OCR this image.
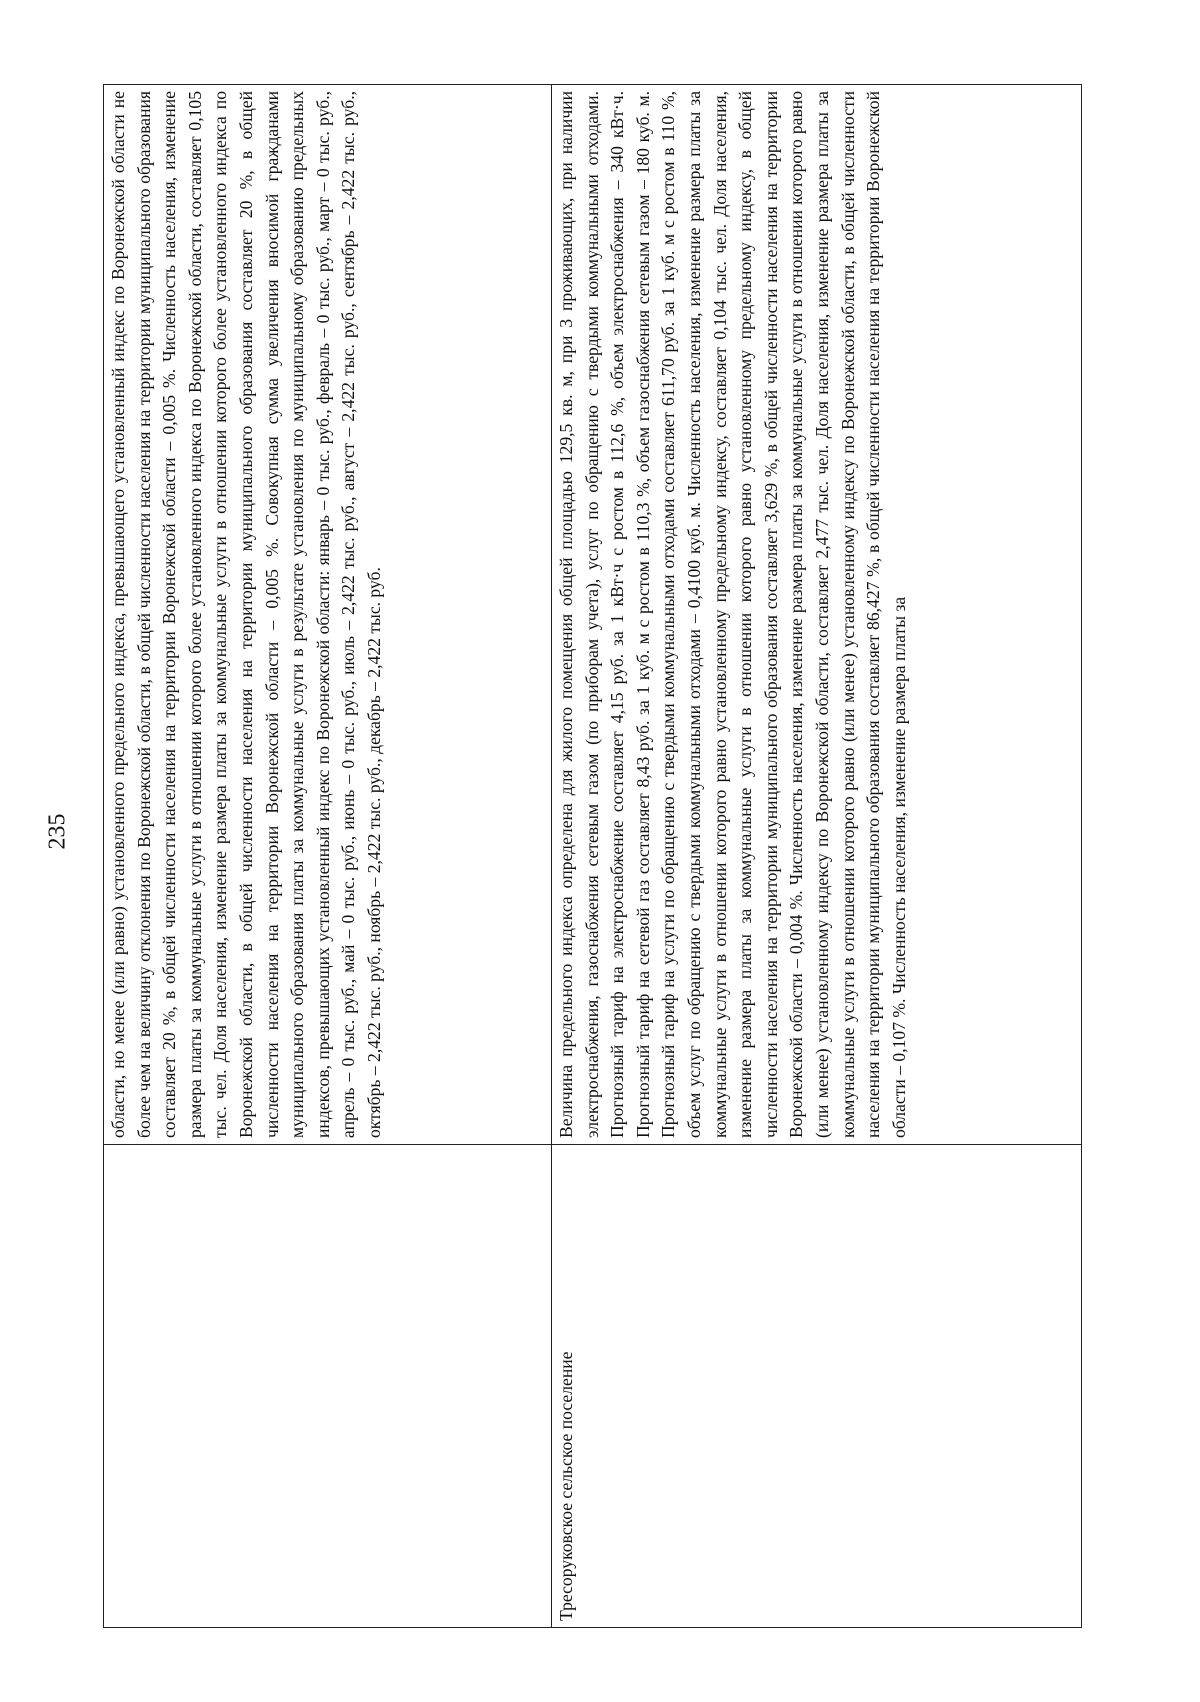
235

	области, но менее (или равно) установленного предельного индекса, превышающего установленный индекс по Воронежской области не более чем на величину отклонения по Воронежской области, в общей численности населения на территории муниципального образования составляет 20 %, в общей численности населения на территории Воронежской области – 0,005 %. Численность населения, изменение размера платы за коммунальные услуги в отношении которого более установленного индекса по Воронежской области, составляет 0,105 тыс. чел. Доля населения, изменение размера платы за коммунальные услуги в отношении которого более установленного индекса по Воронежской области, в общей численности населения на территории муниципального образования составляет 20 %, в общей численности населения на территории Воронежской области – 0,005 %. Совокупная сумма увеличения вносимой гражданами муниципального образования платы за коммунальные услуги в результате установления по муниципальному образованию предельных индексов, превышающих установленный индекс по Воронежской области: январь – 0 тыс. руб., февраль – 0 тыс. руб., март – 0 тыс. руб., апрель – 0 тыс. руб., май – 0 тыс. руб., июнь – 0 тыс. руб., июль – 2,422 тыс. руб., август – 2,422 тыс. руб., сентябрь – 2,422 тыс. руб., октябрь – 2,422 тыс. руб., ноябрь – 2,422 тыс. руб., декабрь – 2,422 тыс. руб.

Тресоруковское сельское поселение	Величина предельного индекса определена для жилого помещения общей площадью 129,5 кв. м, при 3 проживающих, при наличии электроснабжения, газоснабжения сетевым газом (по приборам учета), услуг по обращению с твердыми коммунальными отходами. Прогнозный тариф на электроснабжение составляет 4,15 руб. за 1 кВт·ч с ростом в 112,6 %, объем электроснабжения – 340 кВт·ч. Прогнозный тариф на сетевой газ составляет 8,43 руб. за 1 куб. м с ростом в 110,3 %, объем газоснабжения сетевым газом – 180 куб. м. Прогнозный тариф на услуги по обращению с твердыми коммунальными отходами составляет 611,70 руб. за 1 куб. м с ростом в 110 %, объем услуг по обращению с твердыми коммунальными отходами – 0,4100 куб. м. Численность населения, изменение размера платы за коммунальные услуги в отношении которого равно установленному предельному индексу, составляет 0,104 тыс. чел. Доля населения, изменение размера платы за коммунальные услуги в отношении которого равно установленному предельному индексу, в общей численности населения на территории муниципального образования составляет 3,629 %, в общей численности населения на территории Воронежской области – 0,004 %. Численность населения, изменение размера платы за коммунальные услуги в отношении которого равно (или менее) установленному индексу по Воронежской области, составляет 2,477 тыс. чел. Доля населения, изменение размера платы за коммунальные услуги в отношении которого равно (или менее) установленному индексу по Воронежской области, в общей численности населения на территории муниципального образования составляет 86,427 %, в общей численности населения на территории Воронежской области – 0,107 %. Численность населения, изменение размера платы за
